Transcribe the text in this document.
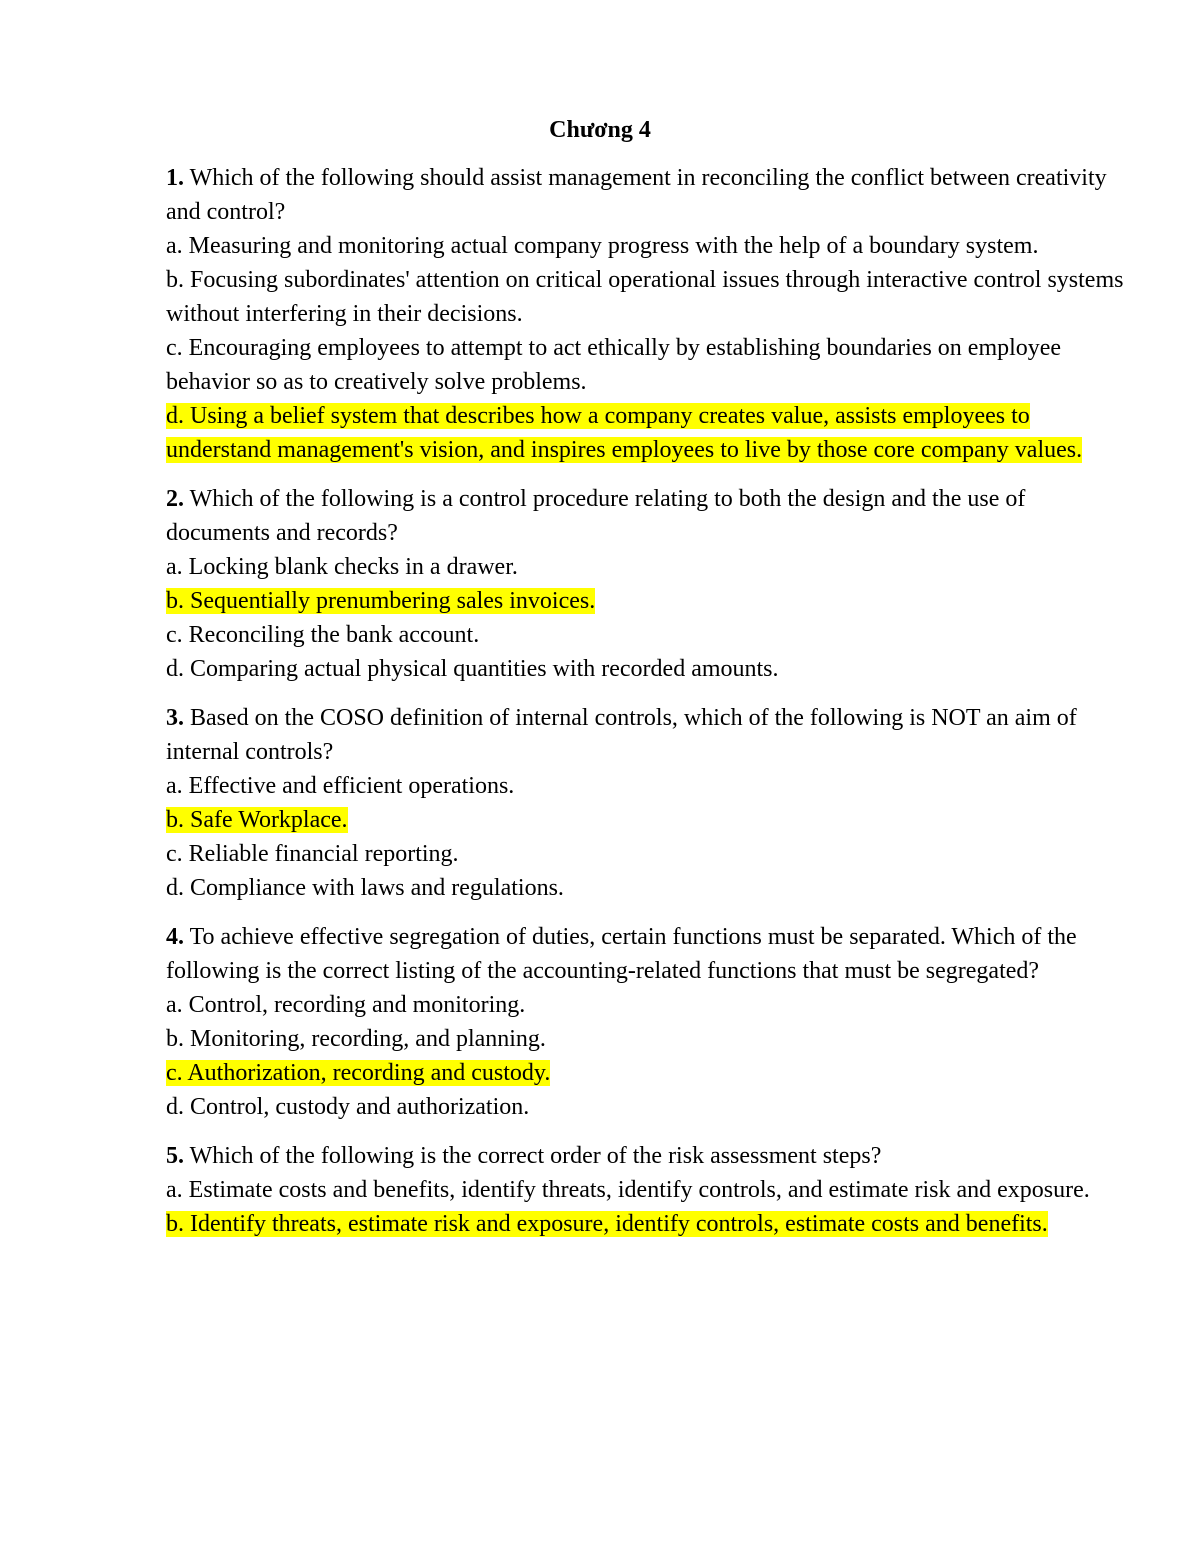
Chương 4

1. Which of the following should assist management in reconciling the conflict between creativity and control?

a. Measuring and monitoring actual company progress with the help of a boundary system.

b. Focusing subordinates' attention on critical operational issues through interactive control systems without interfering in their decisions.

c. Encouraging employees to attempt to act ethically by establishing boundaries on employee behavior so as to creatively solve problems.

d. Using a belief system that describes how a company creates value, assists employees to understand management's vision, and inspires employees to live by those core company values.

2. Which of the following is a control procedure relating to both the design and the use of documents and records?

a. Locking blank checks in a drawer.

b. Sequentially prenumbering sales invoices.

c. Reconciling the bank account.

d. Comparing actual physical quantities with recorded amounts.

3. Based on the COSO definition of internal controls, which of the following is NOT an aim of internal controls?

a. Effective and efficient operations.

b. Safe Workplace.

c. Reliable financial reporting.

d. Compliance with laws and regulations.

4. To achieve effective segregation of duties, certain functions must be separated. Which of the following is the correct listing of the accounting-related functions that must be segregated?

a. Control, recording and monitoring.

b. Monitoring, recording, and planning.

c. Authorization, recording and custody.

d. Control, custody and authorization.

5. Which of the following is the correct order of the risk assessment steps?

a. Estimate costs and benefits, identify threats, identify controls, and estimate risk and exposure.

b. Identify threats, estimate risk and exposure, identify controls, estimate costs and benefits.
